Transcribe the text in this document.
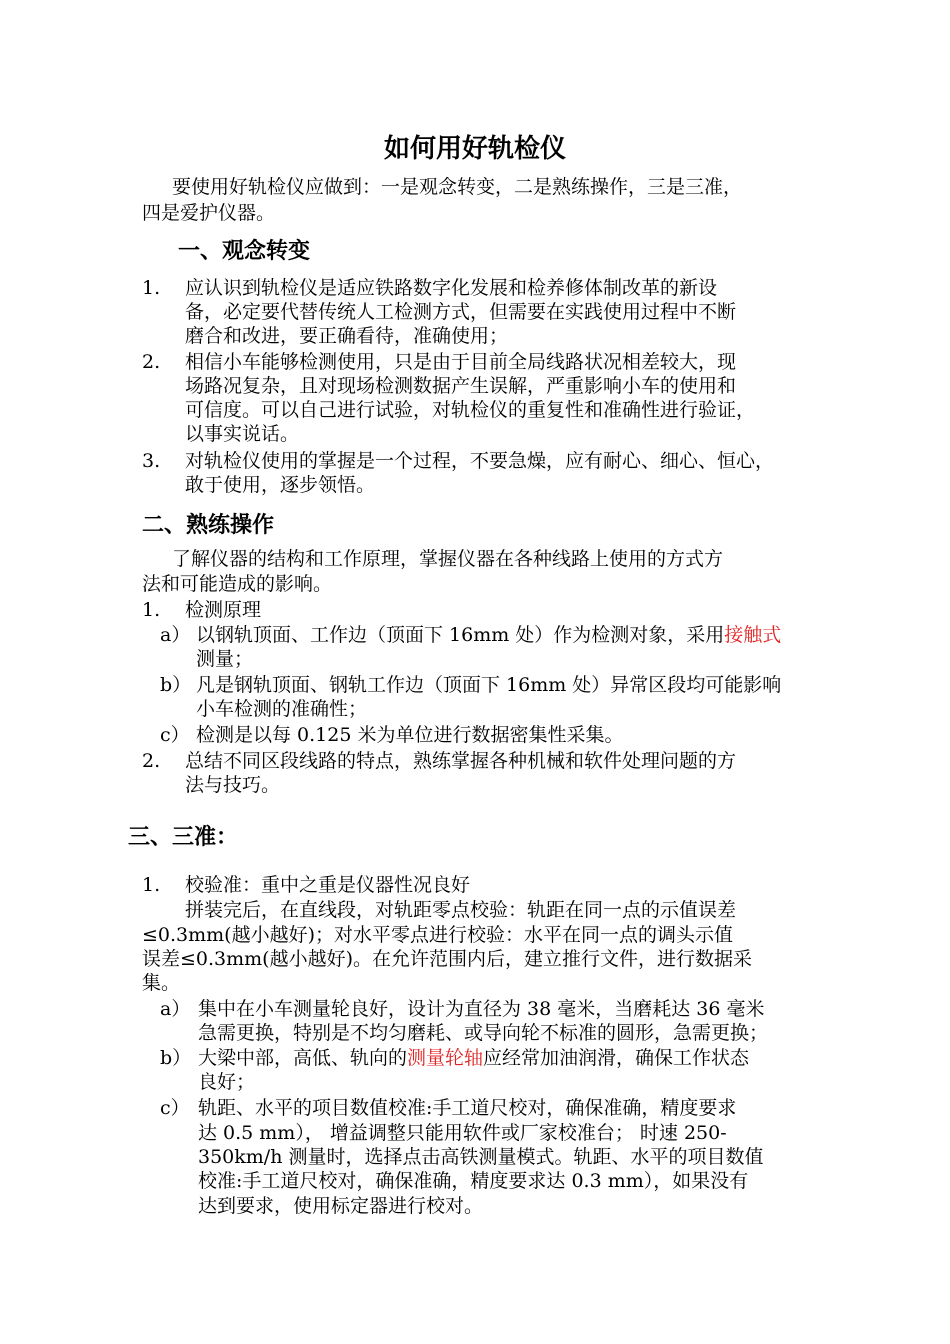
如何用好轨检仪
要使用好轨检仪应做到：一是观念转变，二是熟练操作，三是三准，
四是爱护仪器。
一、观念转变
1. 应认识到轨检仪是适应铁路数字化发展和检养修体制改革的新设
备，必定要代替传统人工检测方式，但需要在实践使用过程中不断
磨合和改进，要正确看待，准确使用；
2. 相信小车能够检测使用，只是由于目前全局线路状况相差较大，现
场路况复杂，且对现场检测数据产生误解，严重影响小车的使用和
可信度。可以自己进行试验，对轨检仪的重复性和准确性进行验证，
以事实说话。
3. 对轨检仪使用的掌握是一个过程，不要急燥，应有耐心、细心、恒心，
敢于使用，逐步领悟。
二、熟练操作
了解仪器的结构和工作原理，掌握仪器在各种线路上使用的方式方
法和可能造成的影响。
1. 检测原理
a） 以钢轨顶面、工作边（顶面下 16mm 处）作为检测对象，采用接触式
测量；
b） 凡是钢轨顶面、钢轨工作边（顶面下 16mm 处）异常区段均可能影响
小车检测的准确性；
c） 检测是以每 0.125 米为单位进行数据密集性采集。
2. 总结不同区段线路的特点，熟练掌握各种机械和软件处理问题的方
法与技巧。
三、三准：
1. 校验准：重中之重是仪器性况良好
拼装完后，在直线段，对轨距零点校验：轨距在同一点的示值误差
≤0.3mm(越小越好)；对水平零点进行校验：水平在同一点的调头示值
误差≤0.3mm(越小越好)。在允许范围内后，建立推行文件，进行数据采
集。
a） 集中在小车测量轮良好，设计为直径为 38 毫米，当磨耗达 36 毫米
急需更换，特别是不均匀磨耗、或导向轮不标准的圆形，急需更换；
b） 大梁中部，高低、轨向的测量轮轴应经常加油润滑，确保工作状态
良好；
c） 轨距、水平的项目数值校准:手工道尺校对，确保准确，精度要求
达 0.5 mm）， 增益调整只能用软件或厂家校准台； 时速 250-
350km/h 测量时，选择点击高铁测量模式。轨距、水平的项目数值
校准:手工道尺校对，确保准确，精度要求达 0.3 mm），如果没有
达到要求，使用标定器进行校对。
